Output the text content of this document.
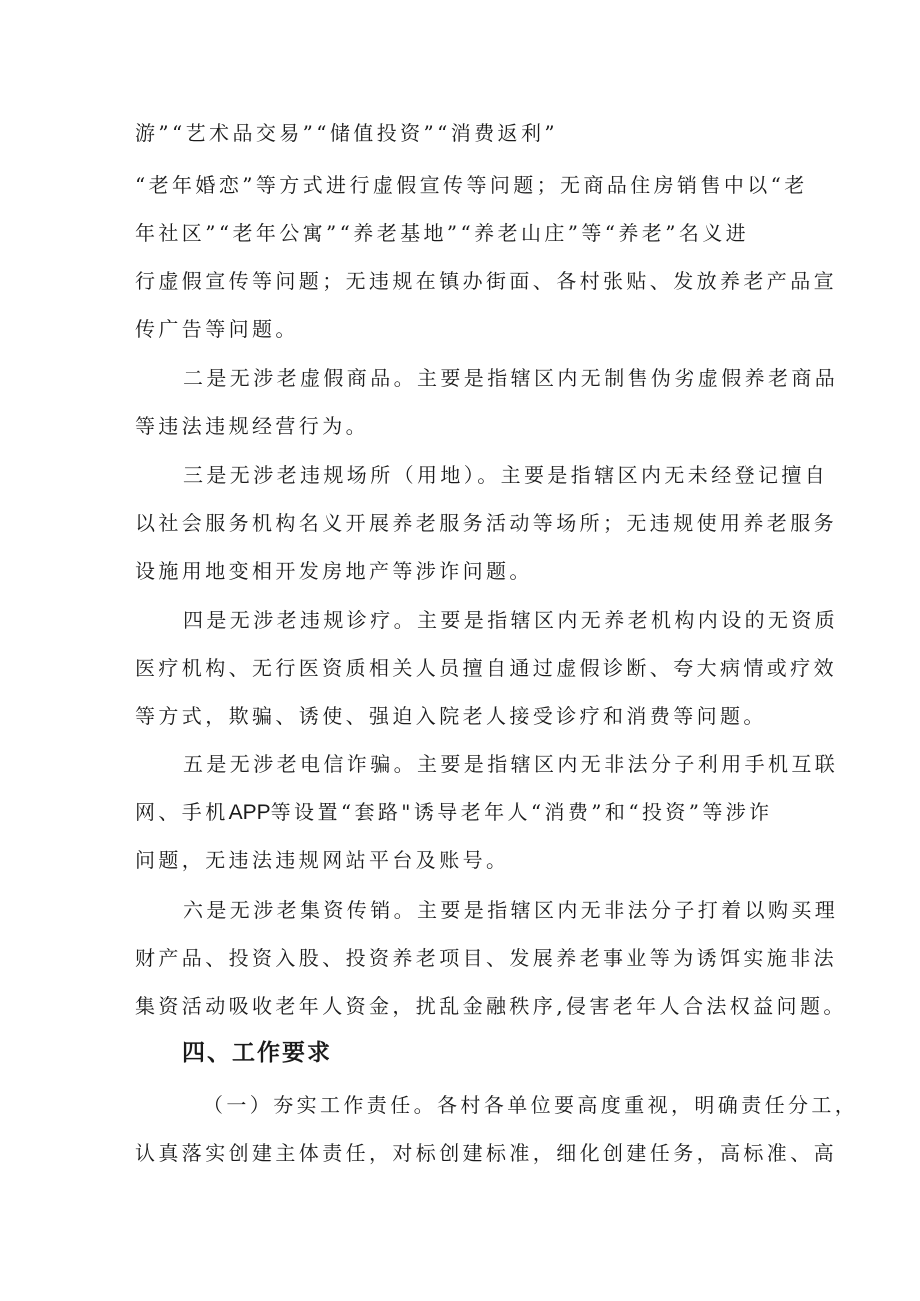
游”“艺术品交易”“储值投资”“消费返利”
“老年婚恋”等方式进行虚假宣传等问题；无商品住房销售中以“老
年社区”“老年公寓”“养老基地”“养老山庄”等“养老”名义进
行虚假宣传等问题；无违规在镇办街面、各村张贴、发放养老产品宣
传广告等问题。
二是无涉老虚假商品。主要是指辖区内无制售伪劣虚假养老商品
等违法违规经营行为。
三是无涉老违规场所（用地）。主要是指辖区内无未经登记擅自
以社会服务机构名义开展养老服务活动等场所；无违规使用养老服务
设施用地变相开发房地产等涉诈问题。
四是无涉老违规诊疗。主要是指辖区内无养老机构内设的无资质
医疗机构、无行医资质相关人员擅自通过虚假诊断、夸大病情或疗效
等方式，欺骗、诱使、强迫入院老人接受诊疗和消费等问题。
五是无涉老电信诈骗。主要是指辖区内无非法分子利用手机互联
网、手机APP等设置“套路"诱导老年人“消费”和“投资”等涉诈
问题，无违法违规网站平台及账号。
六是无涉老集资传销。主要是指辖区内无非法分子打着以购买理
财产品、投资入股、投资养老项目、发展养老事业等为诱饵实施非法
集资活动吸收老年人资金，扰乱金融秩序,侵害老年人合法权益问题。
四、工作要求
（一）夯实工作责任。各村各单位要高度重视，明确责任分工，
认真落实创建主体责任，对标创建标准，细化创建任务，高标准、高
